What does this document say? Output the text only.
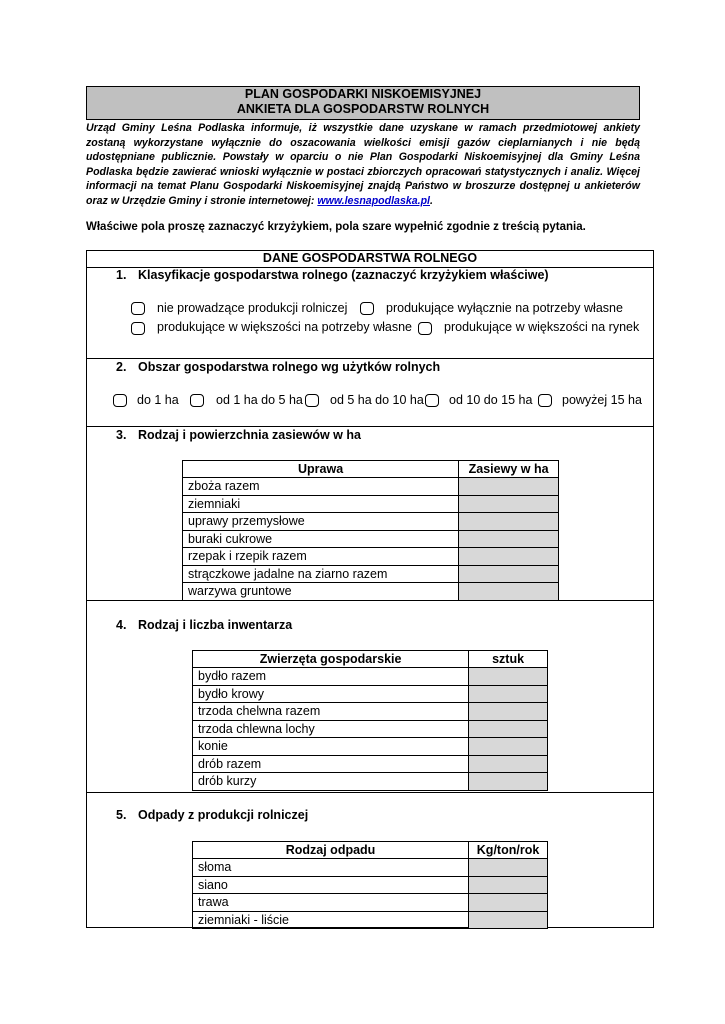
PLAN GOSPODARKI NISKOEMISYJNEJ
ANKIETA DLA GOSPODARSTW ROLNYCH
Urząd Gminy Leśna Podlaska informuje, iż wszystkie dane uzyskane w ramach przedmiotowej ankiety zostaną wykorzystane wyłącznie do oszacowania wielkości emisji gazów cieplarnianych i nie będą udostępniane publicznie. Powstały w oparciu o nie Plan Gospodarki Niskoemisyjnej dla Gminy Leśna Podlaska będzie zawierać wnioski wyłącznie w postaci zbiorczych opracowań statystycznych i analiz. Więcej informacji na temat Planu Gospodarki Niskoemisyjnej znajdą Państwo w broszurze dostępnej u ankieterów oraz w Urzędzie Gminy i stronie internetowej: www.lesnapodlaska.pl.
Właściwe pola proszę zaznaczyć krzyżykiem, pola szare wypełnić zgodnie z treścią pytania.
DANE GOSPODARSTWA ROLNEGO
1. Klasyfikacje gospodarstwa rolnego (zaznaczyć krzyżykiem właściwe)
nie prowadzące produkcji rolniczej	produkujące wyłącznie na potrzeby własne
produkujące w większości na potrzeby własne	produkujące w większości na rynek
2. Obszar gospodarstwa rolnego wg użytków rolnych
do 1 ha	od 1 ha do 5 ha od 5 ha do 10 ha od 10 do 15 ha powyżej 15 ha
3. Rodzaj i powierzchnia zasiewów w ha
Uprawa	Zasiewy w ha
zboża razem	
ziemniaki	
uprawy przemysłowe	
buraki cukrowe	
rzepak i rzepik razem	
strączkowe jadalne na ziarno razem	
warzywa gruntowe	
4. Rodzaj i liczba inwentarza
Zwierzęta gospodarskie	sztuk
bydło razem	
bydło krowy	
trzoda chelwna razem	
trzoda chlewna lochy	
konie	
drób razem	
drób kurzy	
5. Odpady z produkcji rolniczej
Rodzaj odpadu	Kg/ton/rok
słoma	
siano	
trawa	
ziemniaki - liście	
